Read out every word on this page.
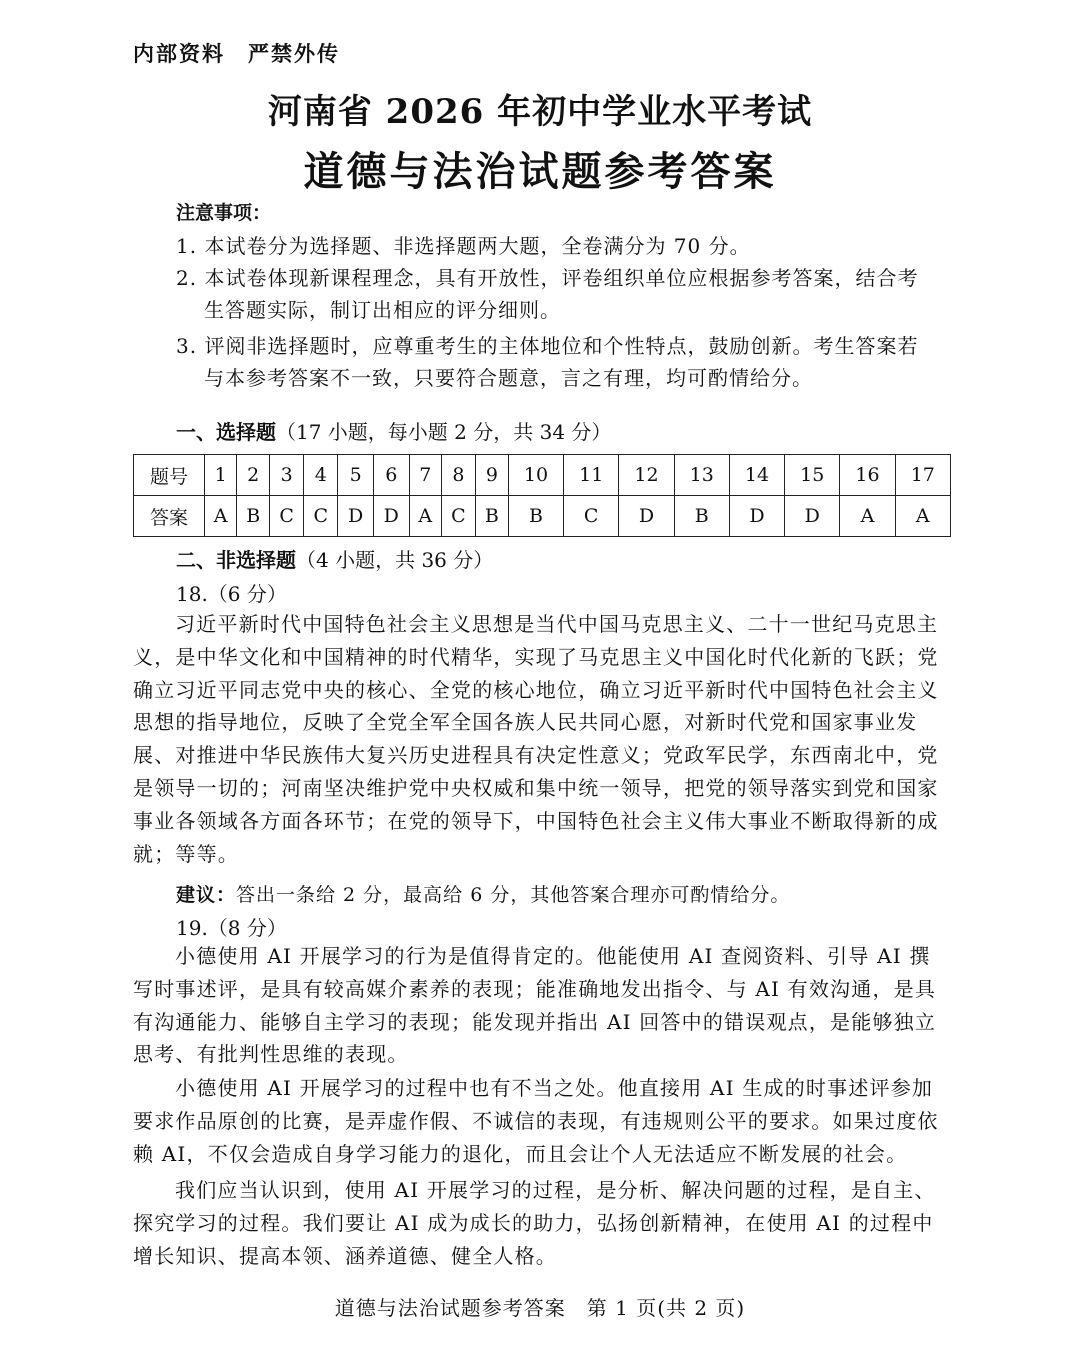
内部资料　严禁外传
河南省 2026 年初中学业水平考试
道德与法治试题参考答案
注意事项：
1. 本试卷分为选择题、非选择题两大题，全卷满分为 70 分。
2. 本试卷体现新课程理念，具有开放性，评卷组织单位应根据参考答案，结合考
生答题实际，制订出相应的评分细则。
3. 评阅非选择题时，应尊重考生的主体地位和个性特点，鼓励创新。考生答案若
与本参考答案不一致，只要符合题意，言之有理，均可酌情给分。
一、选择题（17 小题，每小题 2 分，共 34 分）
题号	1	2	3	4	5	6	7	8	9	10	11	12	13	14	15	16	17
答案	A	B	C	C	D	D	A	C	B	B	C	D	B	D	D	A	A
二、非选择题（4 小题，共 36 分）
18.（6 分）
习近平新时代中国特色社会主义思想是当代中国马克思主义、二十一世纪马克思主义，是中华文化和中国精神的时代精华，实现了马克思主义中国化时代化新的飞跃；党确立习近平同志党中央的核心、全党的核心地位，确立习近平新时代中国特色社会主义思想的指导地位，反映了全党全军全国各族人民共同心愿，对新时代党和国家事业发展、对推进中华民族伟大复兴历史进程具有决定性意义；党政军民学，东西南北中，党是领导一切的；河南坚决维护党中央权威和集中统一领导，把党的领导落实到党和国家事业各领域各方面各环节；在党的领导下，中国特色社会主义伟大事业不断取得新的成就；等等。
建议：答出一条给 2 分，最高给 6 分，其他答案合理亦可酌情给分。
19.（8 分）
小德使用 AI 开展学习的行为是值得肯定的。他能使用 AI 查阅资料、引导 AI 撰写时事述评，是具有较高媒介素养的表现；能准确地发出指令、与 AI 有效沟通，是具有沟通能力、能够自主学习的表现；能发现并指出 AI 回答中的错误观点，是能够独立思考、有批判性思维的表现。
小德使用 AI 开展学习的过程中也有不当之处。他直接用 AI 生成的时事述评参加要求作品原创的比赛，是弄虚作假、不诚信的表现，有违规则公平的要求。如果过度依赖 AI，不仅会造成自身学习能力的退化，而且会让个人无法适应不断发展的社会。
我们应当认识到，使用 AI 开展学习的过程，是分析、解决问题的过程，是自主、探究学习的过程。我们要让 AI 成为成长的助力，弘扬创新精神，在使用 AI 的过程中增长知识、提高本领、涵养道德、健全人格。
道德与法治试题参考答案　第 1 页(共 2 页)
